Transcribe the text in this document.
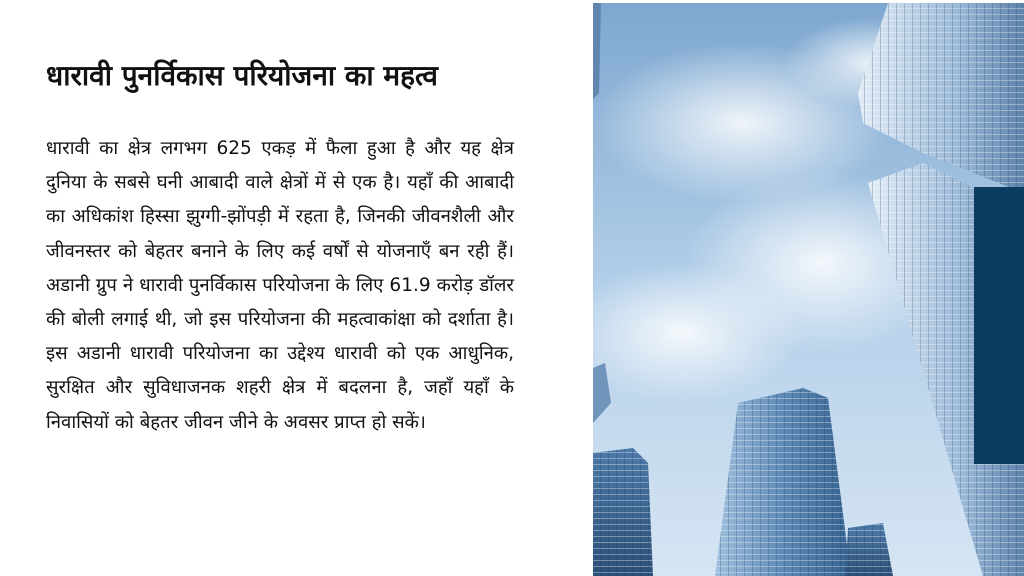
धारावी पुनर्विकास परियोजना का महत्व

धारावी का क्षेत्र लगभग 625 एकड़ में फैला हुआ है और यह क्षेत्र दुनिया के सबसे घनी आबादी वाले क्षेत्रों में से एक है। यहाँ की आबादी का अधिकांश हिस्सा झुग्गी-झोंपड़ी में रहता है, जिनकी जीवनशैली और जीवनस्तर को बेहतर बनाने के लिए कई वर्षों से योजनाएँ बन रही हैं। अडानी ग्रुप ने धारावी पुनर्विकास परियोजना के लिए 61.9 करोड़ डॉलर की बोली लगाई थी, जो इस परियोजना की महत्वाकांक्षा को दर्शाता है। इस अडानी धारावी परियोजना का उद्देश्य धारावी को एक आधुनिक, सुरक्षित और सुविधाजनक शहरी क्षेत्र में बदलना है, जहाँ यहाँ के निवासियों को बेहतर जीवन जीने के अवसर प्राप्त हो सकें।
